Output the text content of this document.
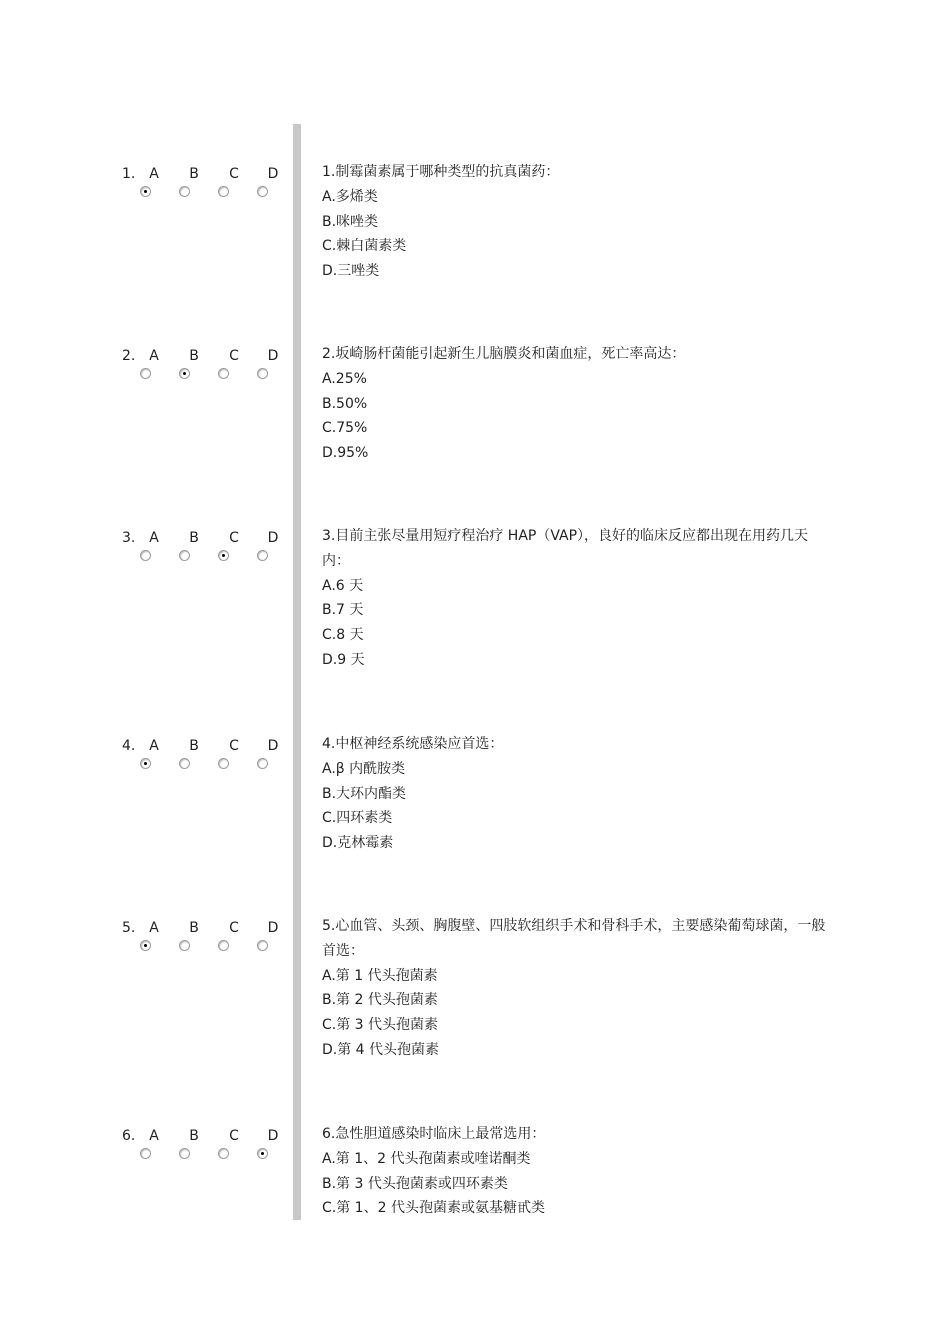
1. A	B	C	D	1.制霉菌素属于哪种类型的抗真菌药：
A.多烯类
B.咪唑类
C.棘白菌素类
D.三唑类
2. A	B	C	D	2.坂崎肠杆菌能引起新生儿脑膜炎和菌血症，死亡率高达：
A.25%
B.50%
C.75%
D.95%
3. A	B	C	D	3.目前主张尽量用短疗程治疗 HAP（VAP），良好的临床反应都出现在用药几天内：
A.6 天
B.7 天
C.8 天
D.9 天
4. A	B	C	D	4.中枢神经系统感染应首选：
A.β 内酰胺类
B.大环内酯类
C.四环素类
D.克林霉素
5. A	B	C	D	5.心血管、头颈、胸腹壁、四肢软组织手术和骨科手术，主要感染葡萄球菌，一般首选：
A.第 1 代头孢菌素
B.第 2 代头孢菌素
C.第 3 代头孢菌素
D.第 4 代头孢菌素
6. A	B	C	D	6.急性胆道感染时临床上最常选用：
A.第 1、2 代头孢菌素或喹诺酮类
B.第 3 代头孢菌素或四环素类
C.第 1、2 代头孢菌素或氨基糖甙类
